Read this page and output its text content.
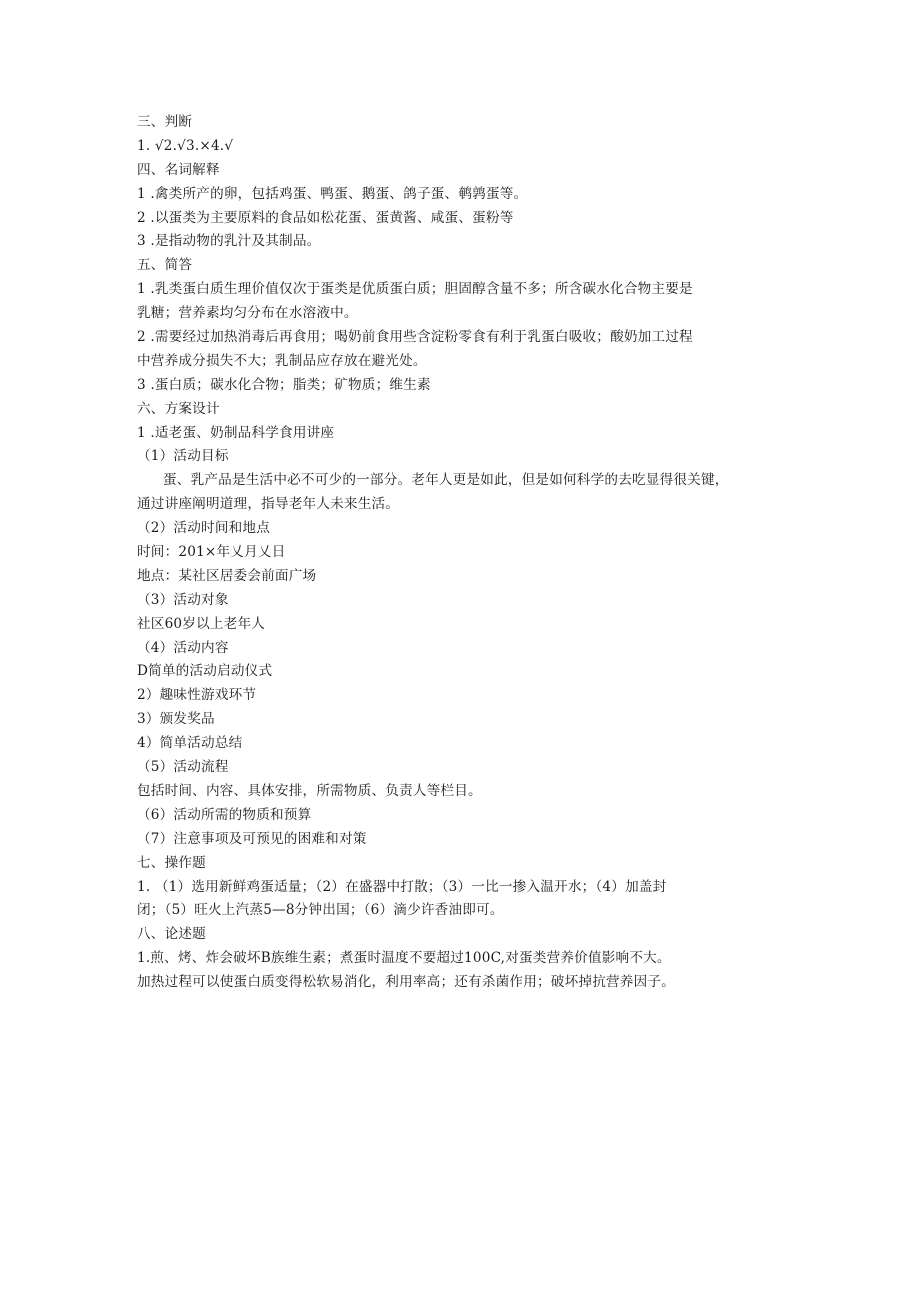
三、判断
1. √2.√3.×4.√
四、名词解释
1 .禽类所产的卵，包括鸡蛋、鸭蛋、鹅蛋、鸽子蛋、鹌鹑蛋等。
2 .以蛋类为主要原料的食品如松花蛋、蛋黄酱、咸蛋、蛋粉等
3 .是指动物的乳汁及其制品。
五、简答
1 .乳类蛋白质生理价值仅次于蛋类是优质蛋白质；胆固醇含量不多；所含碳水化合物主要是
乳糖；营养素均匀分布在水溶液中。
2 .需要经过加热消毒后再食用；喝奶前食用些含淀粉零食有利于乳蛋白吸收；酸奶加工过程
中营养成分损失不大；乳制品应存放在避光处。
3 .蛋白质；碳水化合物；脂类；矿物质；维生素
六、方案设计
1 .适老蛋、奶制品科学食用讲座
（1）活动目标
蛋、乳产品是生活中必不可少的一部分。老年人更是如此，但是如何科学的去吃显得很关键，
通过讲座阐明道理，指导老年人未来生活。
（2）活动时间和地点
时间：201×年乂月乂日
地点：某社区居委会前面广场
（3）活动对象
社区60岁以上老年人
（4）活动内容
D简单的活动启动仪式
2）趣味性游戏环节
3）颁发奖品
4）简单活动总结
（5）活动流程
包括时间、内容、具体安排，所需物质、负责人等栏目。
（6）活动所需的物质和预算
（7）注意事项及可预见的困难和对策
七、操作题
1. （1）选用新鲜鸡蛋适量；（2）在盛器中打散；（3）一比一掺入温开水；（4）加盖封
闭；（5）旺火上汽蒸5—8分钟出国；（6）滴少许香油即可。
八、论述题
1.煎、烤、炸会破坏B族维生素；煮蛋时温度不要超过100C,对蛋类营养价值影响不大。
加热过程可以使蛋白质变得松软易消化，利用率高；还有杀菌作用；破坏掉抗营养因子。
